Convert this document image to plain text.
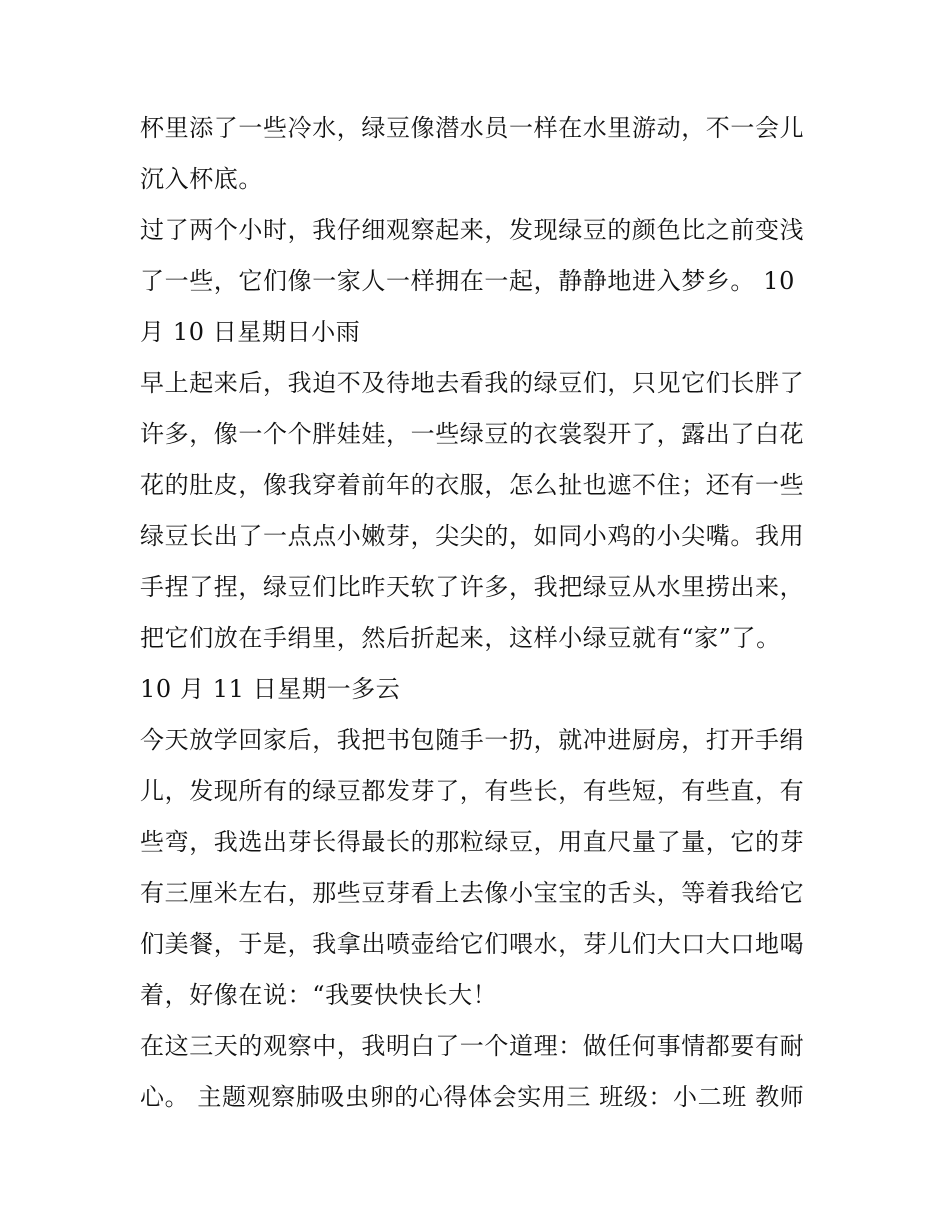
杯里添了一些冷水，绿豆像潜水员一样在水里游动，不一会儿
沉入杯底。
过了两个小时，我仔细观察起来，发现绿豆的颜色比之前变浅
了一些，它们像一家人一样拥在一起，静静地进入梦乡。 10
月 10 日星期日小雨
早上起来后，我迫不及待地去看我的绿豆们，只见它们长胖了
许多，像一个个胖娃娃，一些绿豆的衣裳裂开了，露出了白花
花的肚皮，像我穿着前年的衣服，怎么扯也遮不住；还有一些
绿豆长出了一点点小嫩芽，尖尖的，如同小鸡的小尖嘴。我用
手捏了捏，绿豆们比昨天软了许多，我把绿豆从水里捞出来，
把它们放在手绢里，然后折起来，这样小绿豆就有“家”了。
10 月 11 日星期一多云
今天放学回家后，我把书包随手一扔，就冲进厨房，打开手绢
儿，发现所有的绿豆都发芽了，有些长，有些短，有些直，有
些弯，我选出芽长得最长的那粒绿豆，用直尺量了量，它的芽
有三厘米左右，那些豆芽看上去像小宝宝的舌头，等着我给它
们美餐，于是，我拿出喷壶给它们喂水，芽儿们大口大口地喝
着，好像在说：“我要快快长大！
在这三天的观察中，我明白了一个道理：做任何事情都要有耐
心。 主题观察肺吸虫卵的心得体会实用三 班级：小二班 教师
